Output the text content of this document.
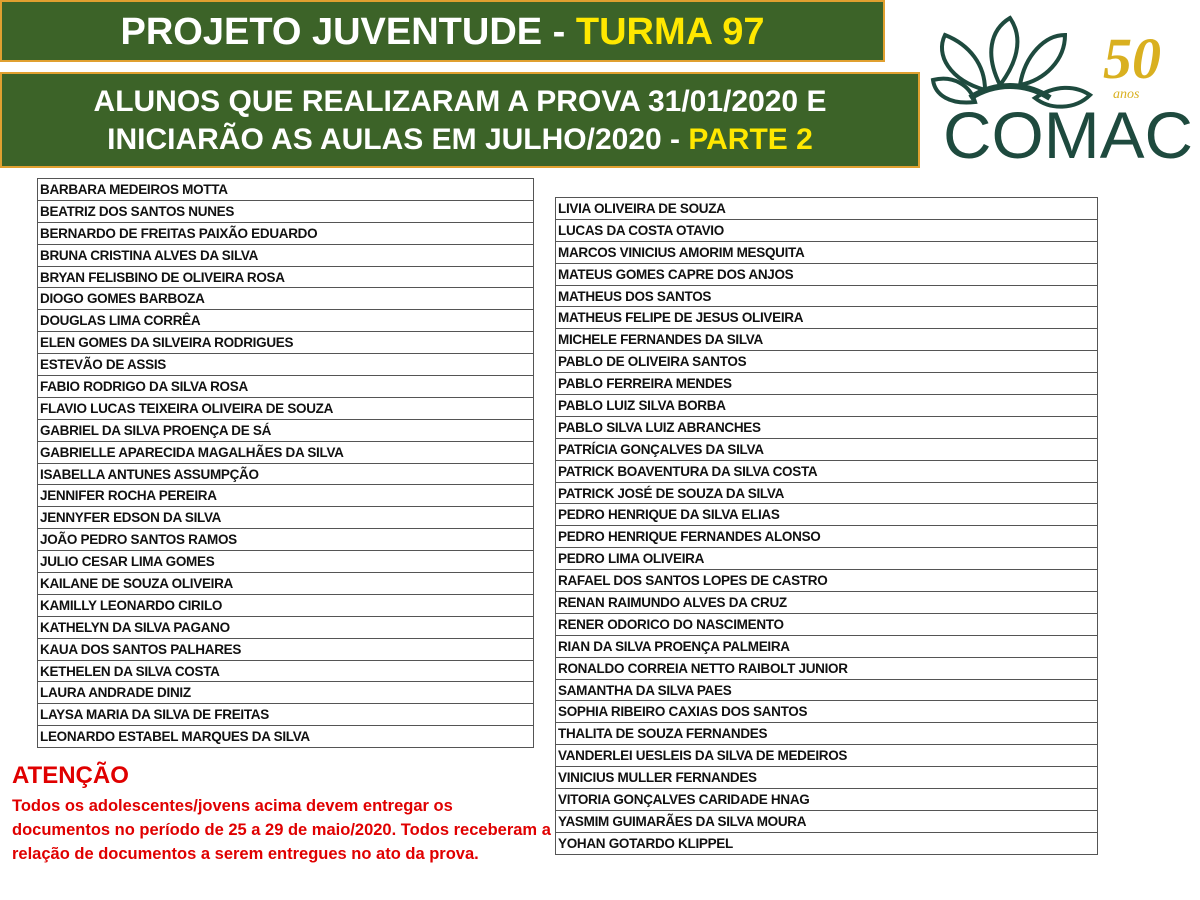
PROJETO JUVENTUDE - TURMA 97
ALUNOS QUE REALIZARAM A PROVA 31/01/2020 E
INICIARÃO AS AULAS EM JULHO/2020 - PARTE 2
50
anos
COMAC
BARBARA MEDEIROS MOTTA
BEATRIZ DOS SANTOS NUNES
BERNARDO DE FREITAS PAIXÃO EDUARDO
BRUNA CRISTINA ALVES DA SILVA
BRYAN FELISBINO DE OLIVEIRA ROSA
DIOGO GOMES BARBOZA
DOUGLAS LIMA CORRÊA
ELEN GOMES DA SILVEIRA RODRIGUES
ESTEVÃO DE ASSIS
FABIO RODRIGO DA SILVA ROSA
FLAVIO LUCAS TEIXEIRA OLIVEIRA DE SOUZA
GABRIEL DA SILVA PROENÇA DE SÁ
GABRIELLE APARECIDA MAGALHÃES DA SILVA
ISABELLA ANTUNES ASSUMPÇÃO
JENNIFER ROCHA PEREIRA
JENNYFER EDSON DA SILVA
JOÃO PEDRO SANTOS RAMOS
JULIO CESAR LIMA GOMES
KAILANE DE SOUZA OLIVEIRA
KAMILLY LEONARDO CIRILO
KATHELYN DA SILVA PAGANO
KAUA DOS SANTOS PALHARES
KETHELEN DA SILVA COSTA
LAURA ANDRADE DINIZ
LAYSA MARIA DA SILVA DE FREITAS
LEONARDO ESTABEL MARQUES DA SILVA
LIVIA OLIVEIRA DE SOUZA
LUCAS DA COSTA OTAVIO
MARCOS VINICIUS AMORIM MESQUITA
MATEUS GOMES CAPRE DOS ANJOS
MATHEUS DOS SANTOS
MATHEUS FELIPE DE JESUS OLIVEIRA
MICHELE FERNANDES DA SILVA
PABLO DE OLIVEIRA SANTOS
PABLO FERREIRA MENDES
PABLO LUIZ SILVA BORBA
PABLO SILVA LUIZ ABRANCHES
PATRÍCIA GONÇALVES DA SILVA
PATRICK BOAVENTURA DA SILVA COSTA
PATRICK JOSÉ DE SOUZA DA SILVA
PEDRO HENRIQUE DA SILVA ELIAS
PEDRO HENRIQUE FERNANDES ALONSO
PEDRO LIMA OLIVEIRA
RAFAEL DOS SANTOS LOPES DE CASTRO
RENAN RAIMUNDO ALVES DA CRUZ
RENER ODORICO DO NASCIMENTO
RIAN DA SILVA PROENÇA PALMEIRA
RONALDO CORREIA NETTO RAIBOLT JUNIOR
SAMANTHA DA SILVA PAES
SOPHIA RIBEIRO CAXIAS DOS SANTOS
THALITA DE SOUZA FERNANDES
VANDERLEI UESLEIS DA SILVA DE MEDEIROS
VINICIUS MULLER FERNANDES
VITORIA GONÇALVES CARIDADE HNAG
YASMIM GUIMARÃES DA SILVA MOURA
YOHAN GOTARDO KLIPPEL
ATENÇÃO
Todos os adolescentes/jovens acima devem entregar os documentos no período de 25 a 29 de maio/2020. Todos receberam a relação de documentos a serem entregues no ato da prova.
